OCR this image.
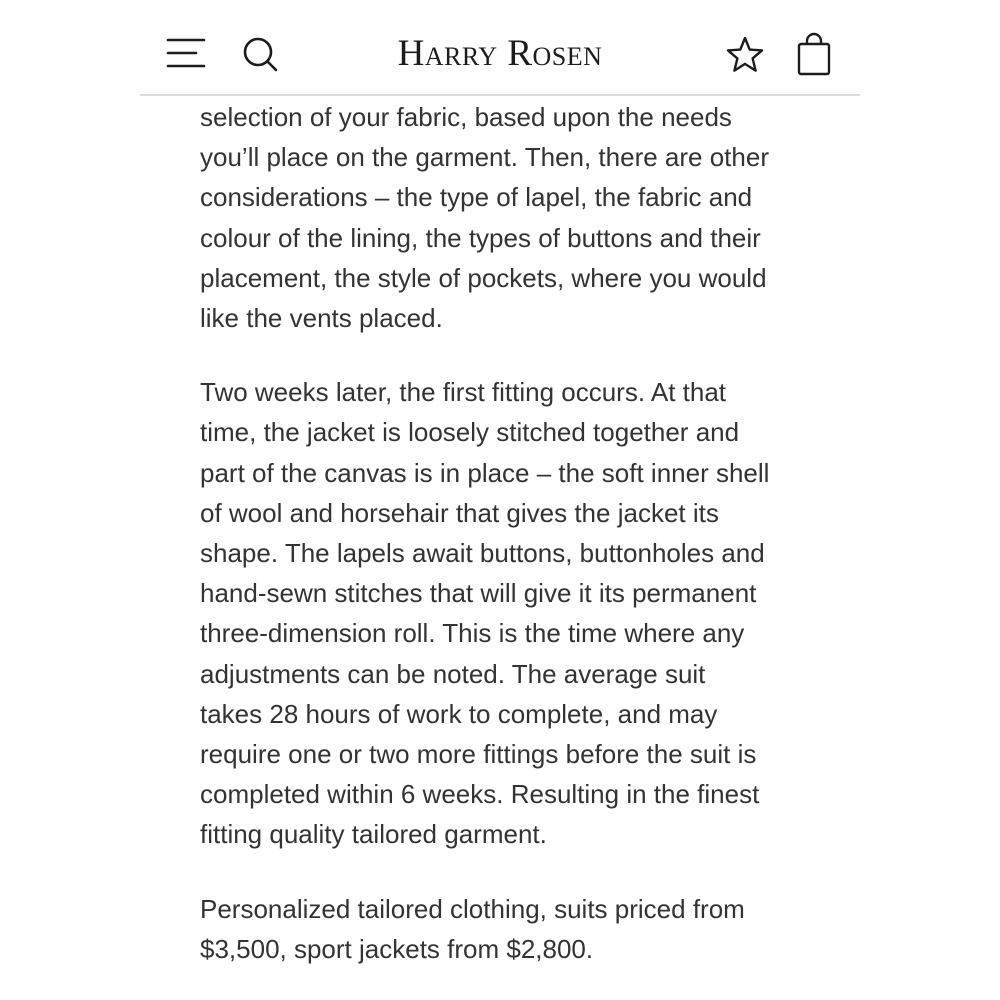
Harry Rosen

selection of your fabric, based upon the needs
you’ll place on the garment. Then, there are other
considerations – the type of lapel, the fabric and
colour of the lining, the types of buttons and their
placement, the style of pockets, where you would
like the vents placed.

Two weeks later, the first fitting occurs. At that
time, the jacket is loosely stitched together and
part of the canvas is in place – the soft inner shell
of wool and horsehair that gives the jacket its
shape. The lapels await buttons, buttonholes and
hand-sewn stitches that will give it its permanent
three-dimension roll. This is the time where any
adjustments can be noted. The average suit
takes 28 hours of work to complete, and may
require one or two more fittings before the suit is
completed within 6 weeks. Resulting in the finest
fitting quality tailored garment.

Personalized tailored clothing, suits priced from
$3,500, sport jackets from $2,800.
